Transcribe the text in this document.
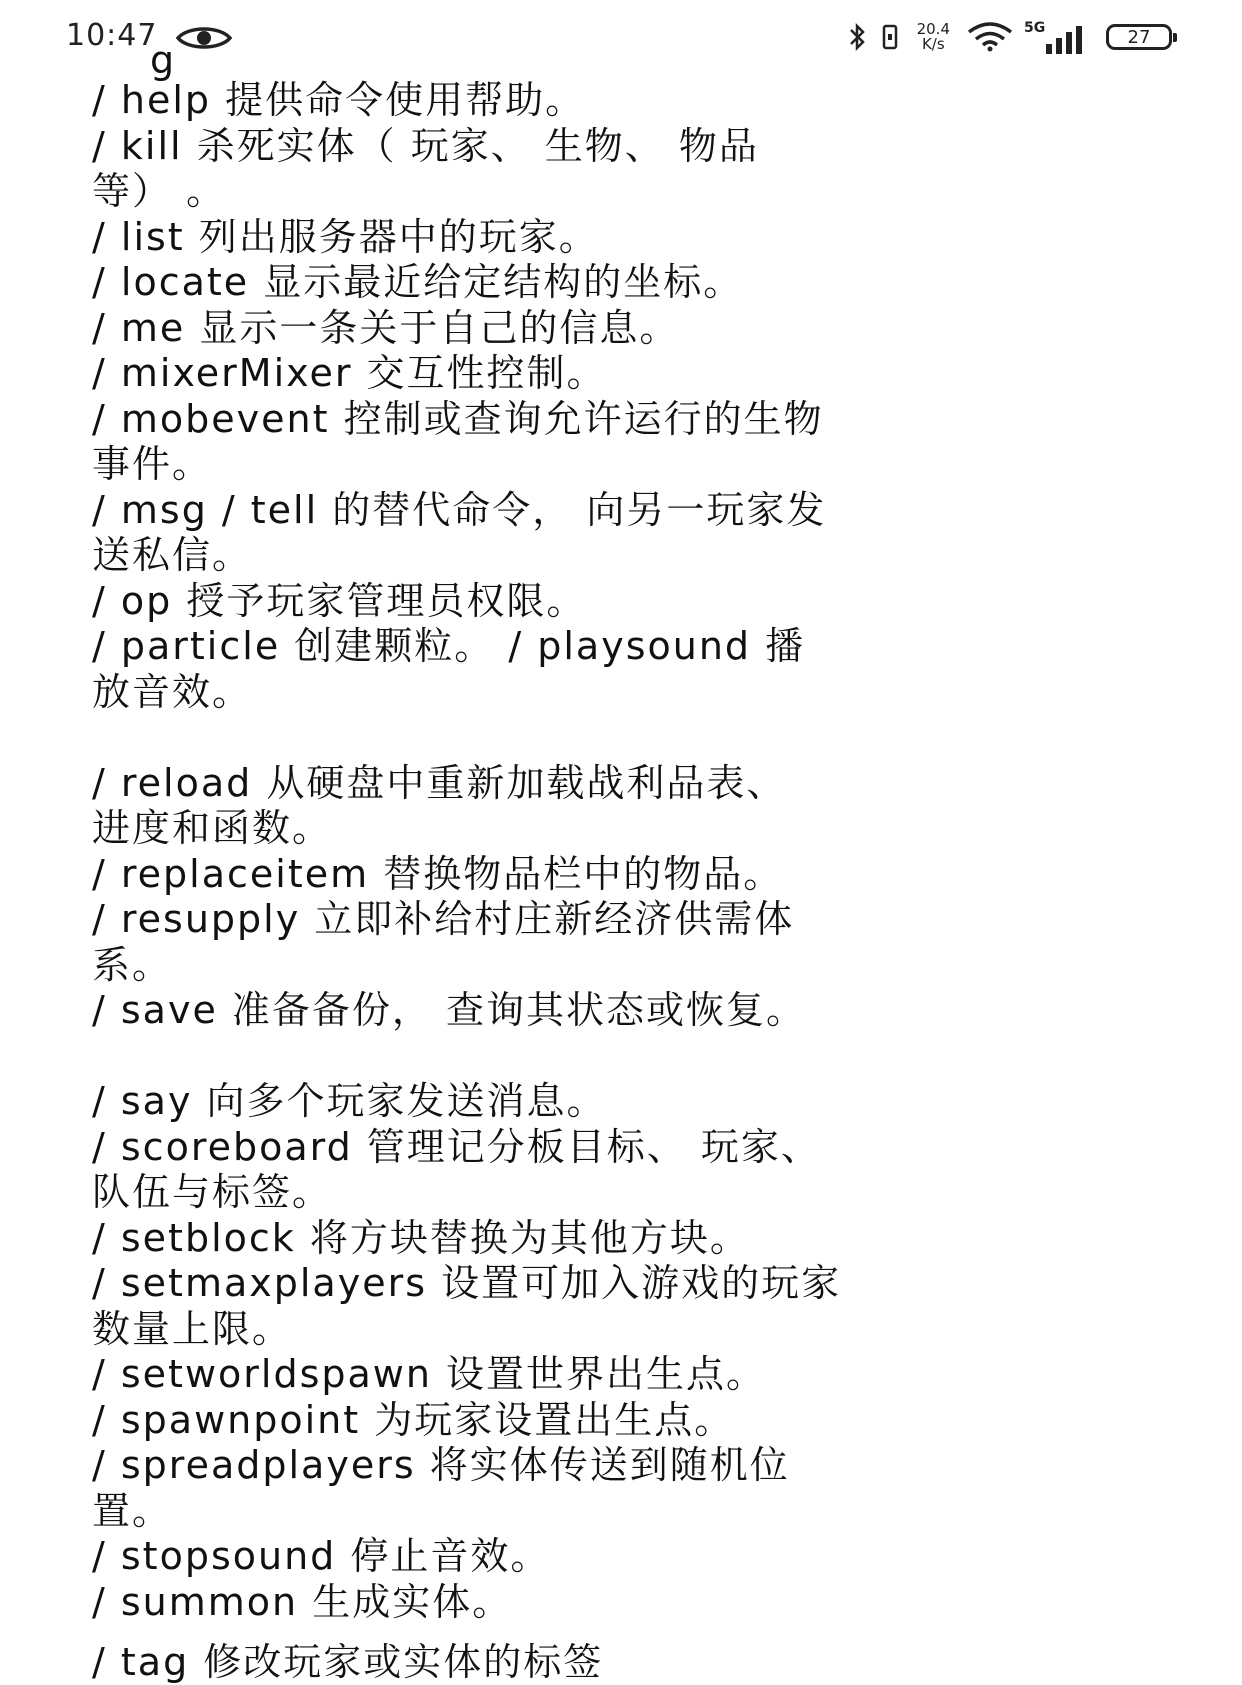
10:47	20.4
K/s
5G	27
g
/ help 提供命令使用帮助。
/ kill 杀死实体（ 玩家、 生物、 物品
等） 。
/ list 列出服务器中的玩家。
/ locate 显示最近给定结构的坐标。
/ me 显示一条关于自己的信息。
/ mixerMixer 交互性控制。
/ mobevent 控制或查询允许运行的生物
事件。
/ msg / tell 的替代命令， 向另一玩家发
送私信。
/ op 授予玩家管理员权限。
/ particle 创建颗粒。 / playsound 播
放音效。
/ reload 从硬盘中重新加载战利品表、
进度和函数。
/ replaceitem 替换物品栏中的物品。
/ resupply 立即补给村庄新经济供需体
系。
/ save 准备备份， 查询其状态或恢复。
/ say 向多个玩家发送消息。
/ scoreboard 管理记分板目标、 玩家、
队伍与标签。
/ setblock 将方块替换为其他方块。
/ setmaxplayers 设置可加入游戏的玩家
数量上限。
/ setworldspawn 设置世界出生点。
/ spawnpoint 为玩家设置出生点。
/ spreadplayers 将实体传送到随机位
置。
/ stopsound 停止音效。
/ summon 生成实体。
/ tag 修改玩家或实体的标签
